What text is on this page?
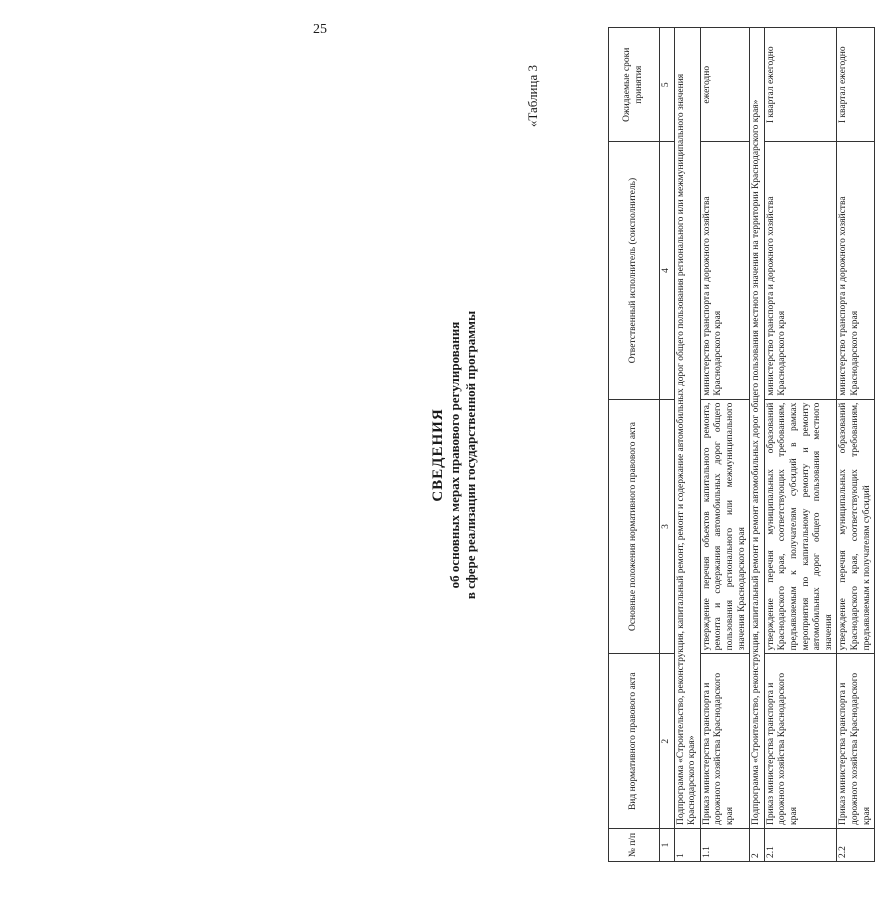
25
«Таблица 3
СВЕДЕНИЯ об основных мерах правового регулирования в сфере реализации государственной программы
№ п/п	Вид нормативного правового акта	Основные положения нормативного правового акта	Ответственный исполнитель (соисполнитель)	Ожидаемые сроки принятия
1	2	3	4	5
1	Подпрограмма «Строительство, реконструкция, капитальный ремонт, ремонт и содержание автомобильных дорог общего пользования регионального или межмуниципального значения Краснодарского края»			
1.1	Приказ министерства транспорта и дорожного хозяйства Краснодарского края	утверждение перечня объектов капитального ремонта, ремонта и содержания автомобильных дорог общего пользования регионального или межмуниципального значения Краснодарского края	министерство транспорта и дорожного хозяйства Краснодарского края	ежегодно
2	Подпрограмма «Строительство, реконструкция, капитальный ремонт и ремонт автомобильных дорог общего пользования местного значения на территории Краснодарского края»			
2.1	Приказ министерства транспорта и дорожного хозяйства Краснодарского края	утверждение перечня муниципальных образований Краснодарского края, соответствующих требованиям, предъявляемым к получателям субсидий в рамках мероприятия по капитальному ремонту и ремонту автомобильных дорог общего пользования местного значения	министерство транспорта и дорожного хозяйства Краснодарского края	I квартал ежегодно
2.2	Приказ министерства транспорта и дорожного хозяйства Краснодарского края	утверждение перечня муниципальных образований Краснодарского края, соответствующих требованиям, предъявляемым к получателям субсидий	министерство транспорта и дорожного хозяйства Краснодарского края	I квартал ежегодно
